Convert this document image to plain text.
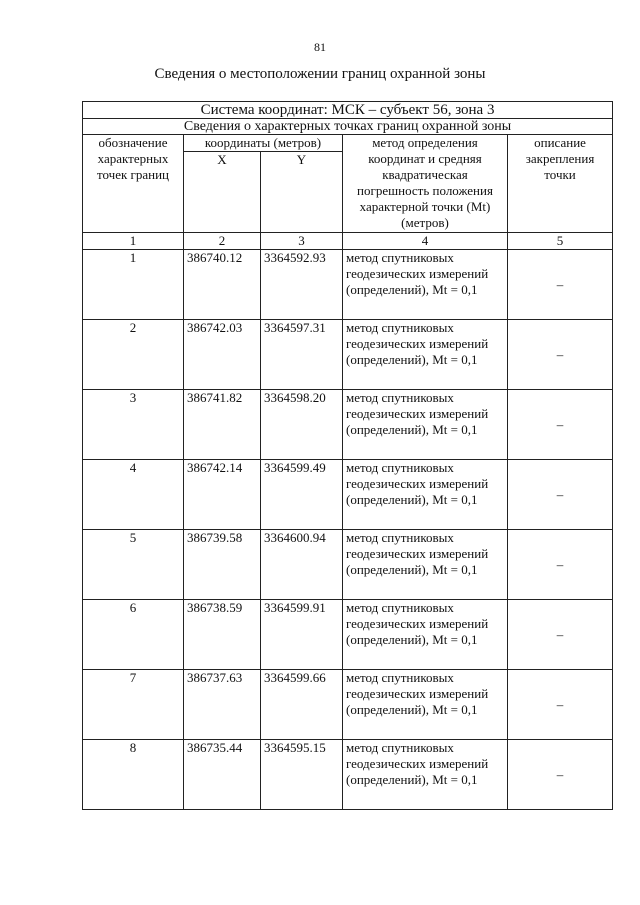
81
Сведения о местоположении границ охранной зоны
Система координат: МСК – субъект 56, зона 3				
Сведения о характерных точках границ охранной зоны				
обозначение характерных точек границ	координаты (метров)		метод определения координат и средняя квадратическая погрешность положения характерной точки (Mt) (метров)	описание закрепления точки
	X	Y		
1	2	3	4	5
1	386740.12	3364592.93	метод спутниковых геодезических измерений (определений), Mt = 0,1	–
2	386742.03	3364597.31	метод спутниковых геодезических измерений (определений), Mt = 0,1	–
3	386741.82	3364598.20	метод спутниковых геодезических измерений (определений), Mt = 0,1	–
4	386742.14	3364599.49	метод спутниковых геодезических измерений (определений), Mt = 0,1	–
5	386739.58	3364600.94	метод спутниковых геодезических измерений (определений), Mt = 0,1	–
6	386738.59	3364599.91	метод спутниковых геодезических измерений (определений), Mt = 0,1	–
7	386737.63	3364599.66	метод спутниковых геодезических измерений (определений), Mt = 0,1	–
8	386735.44	3364595.15	метод спутниковых геодезических измерений (определений), Mt = 0,1	–
